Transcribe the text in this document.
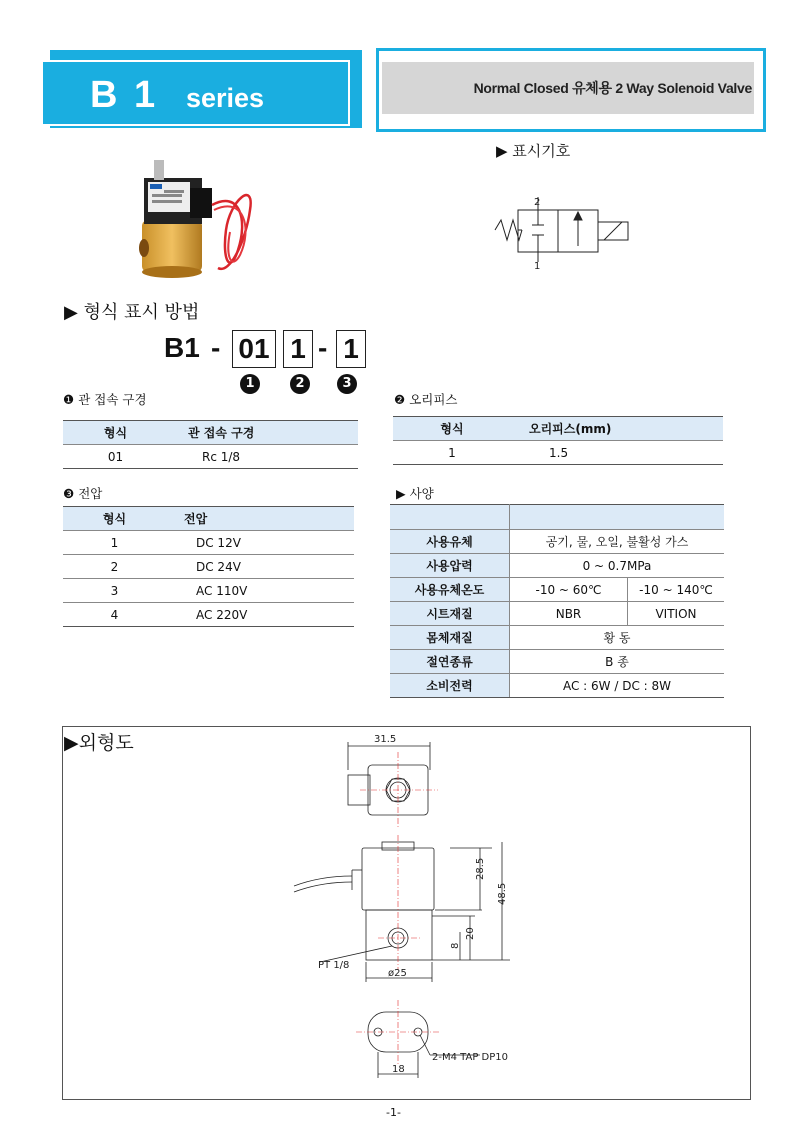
B 1 series	Normal Closed 유체용 2 Way Solenoid Valve
▶ 표시기호
2
1
▶ 형식 표시 방법
B1 - 01 1 - 1
1	2	3
❶ 관 접속 구경
형식	관 접속 구경
01	Rc 1/8
❷ 오리피스
형식	오리피스(mm)
1	1.5
❸ 전압
형식	전압
1	DC 12V
2	DC 24V
3	AC 110V
4	AC 220V
▶ 사양

사용유체	공기, 물, 오일, 불활성 가스	
사용압력	0 ~ 0.7MPa	
사용유체온도	-10 ~ 60℃	-10 ~ 140℃
시트재질	NBR	VITION
몸체재질	황 동	
절연종류	B 종	
소비전력	AC : 6W / DC : 8W	
▶외형도	31.5
28.5
48.5
20
8
PT 1/8
ø25
18
2-M4 TAP DP10
-1-
